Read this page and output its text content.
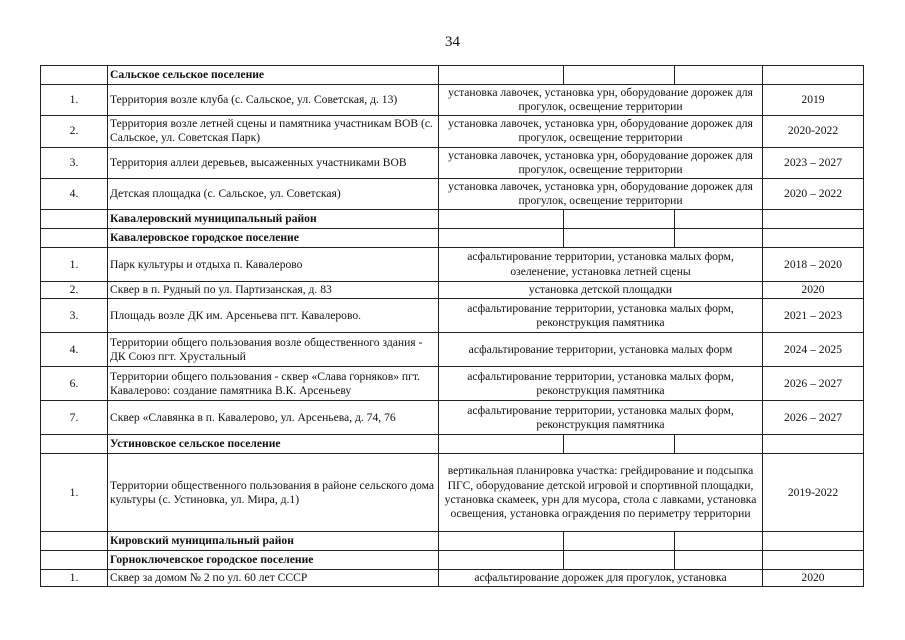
34
	Сальское сельское поселение				
1.	Территория возле клуба (с. Сальское, ул. Советская, д. 13)	установка лавочек, установка урн, оборудование дорожек для прогулок, освещение территории			2019
2.	Территория возле летней сцены и памятника участникам ВОВ (с. Сальское, ул. Советская Парк)	установка лавочек, установка урн, оборудование дорожек для прогулок, освещение территории			2020-2022
3.	Территория аллеи деревьев, высаженных участниками ВОВ	установка лавочек, установка урн, оборудование дорожек для прогулок, освещение территории			2023 – 2027
4.	Детская площадка (с. Сальское, ул. Советская)	установка лавочек, установка урн, оборудование дорожек для прогулок, освещение территории			2020 – 2022
	Кавалеровский муниципальный район				
	Кавалеровское городское поселение				
1.	Парк культуры и отдыха п. Кавалерово	асфальтирование территории, установка малых форм, озеленение, установка летней сцены			2018 – 2020
2.	Сквер в п. Рудный по ул. Партизанская, д. 83	установка детской площадки			2020
3.	Площадь возле ДК им. Арсеньева пгт. Кавалерово.	асфальтирование территории, установка малых форм, реконструкция памятника			2021 – 2023
4.	Территории общего пользования возле общественного здания - ДК Союз пгт. Хрустальный	асфальтирование территории, установка малых форм			2024 – 2025
6.	Территории общего пользования - сквер «Слава горняков» пгт. Кавалерово: создание памятника В.К. Арсеньеву	асфальтирование территории, установка малых форм, реконструкция памятника			2026 – 2027
7.	Сквер «Славянка в п. Кавалерово, ул. Арсеньева, д. 74, 76	асфальтирование территории, установка малых форм, реконструкция памятника			2026 – 2027
	Устиновское сельское поселение				
1.	Территории общественного пользования в районе сельского дома культуры (с. Устиновка, ул. Мира, д.1)	вертикальная планировка участка: грейдирование и подсыпка ПГС, оборудование детской игровой и спортивной площадки, установка скамеек, урн для мусора, стола с лавками, установка освещения, установка ограждения по периметру территории			2019-2022
	Кировский муниципальный район				
	Горноключевское городское поселение				
1.	Сквер за домом № 2 по ул. 60 лет СССР	асфальтирование дорожек для прогулок, установка			2020
